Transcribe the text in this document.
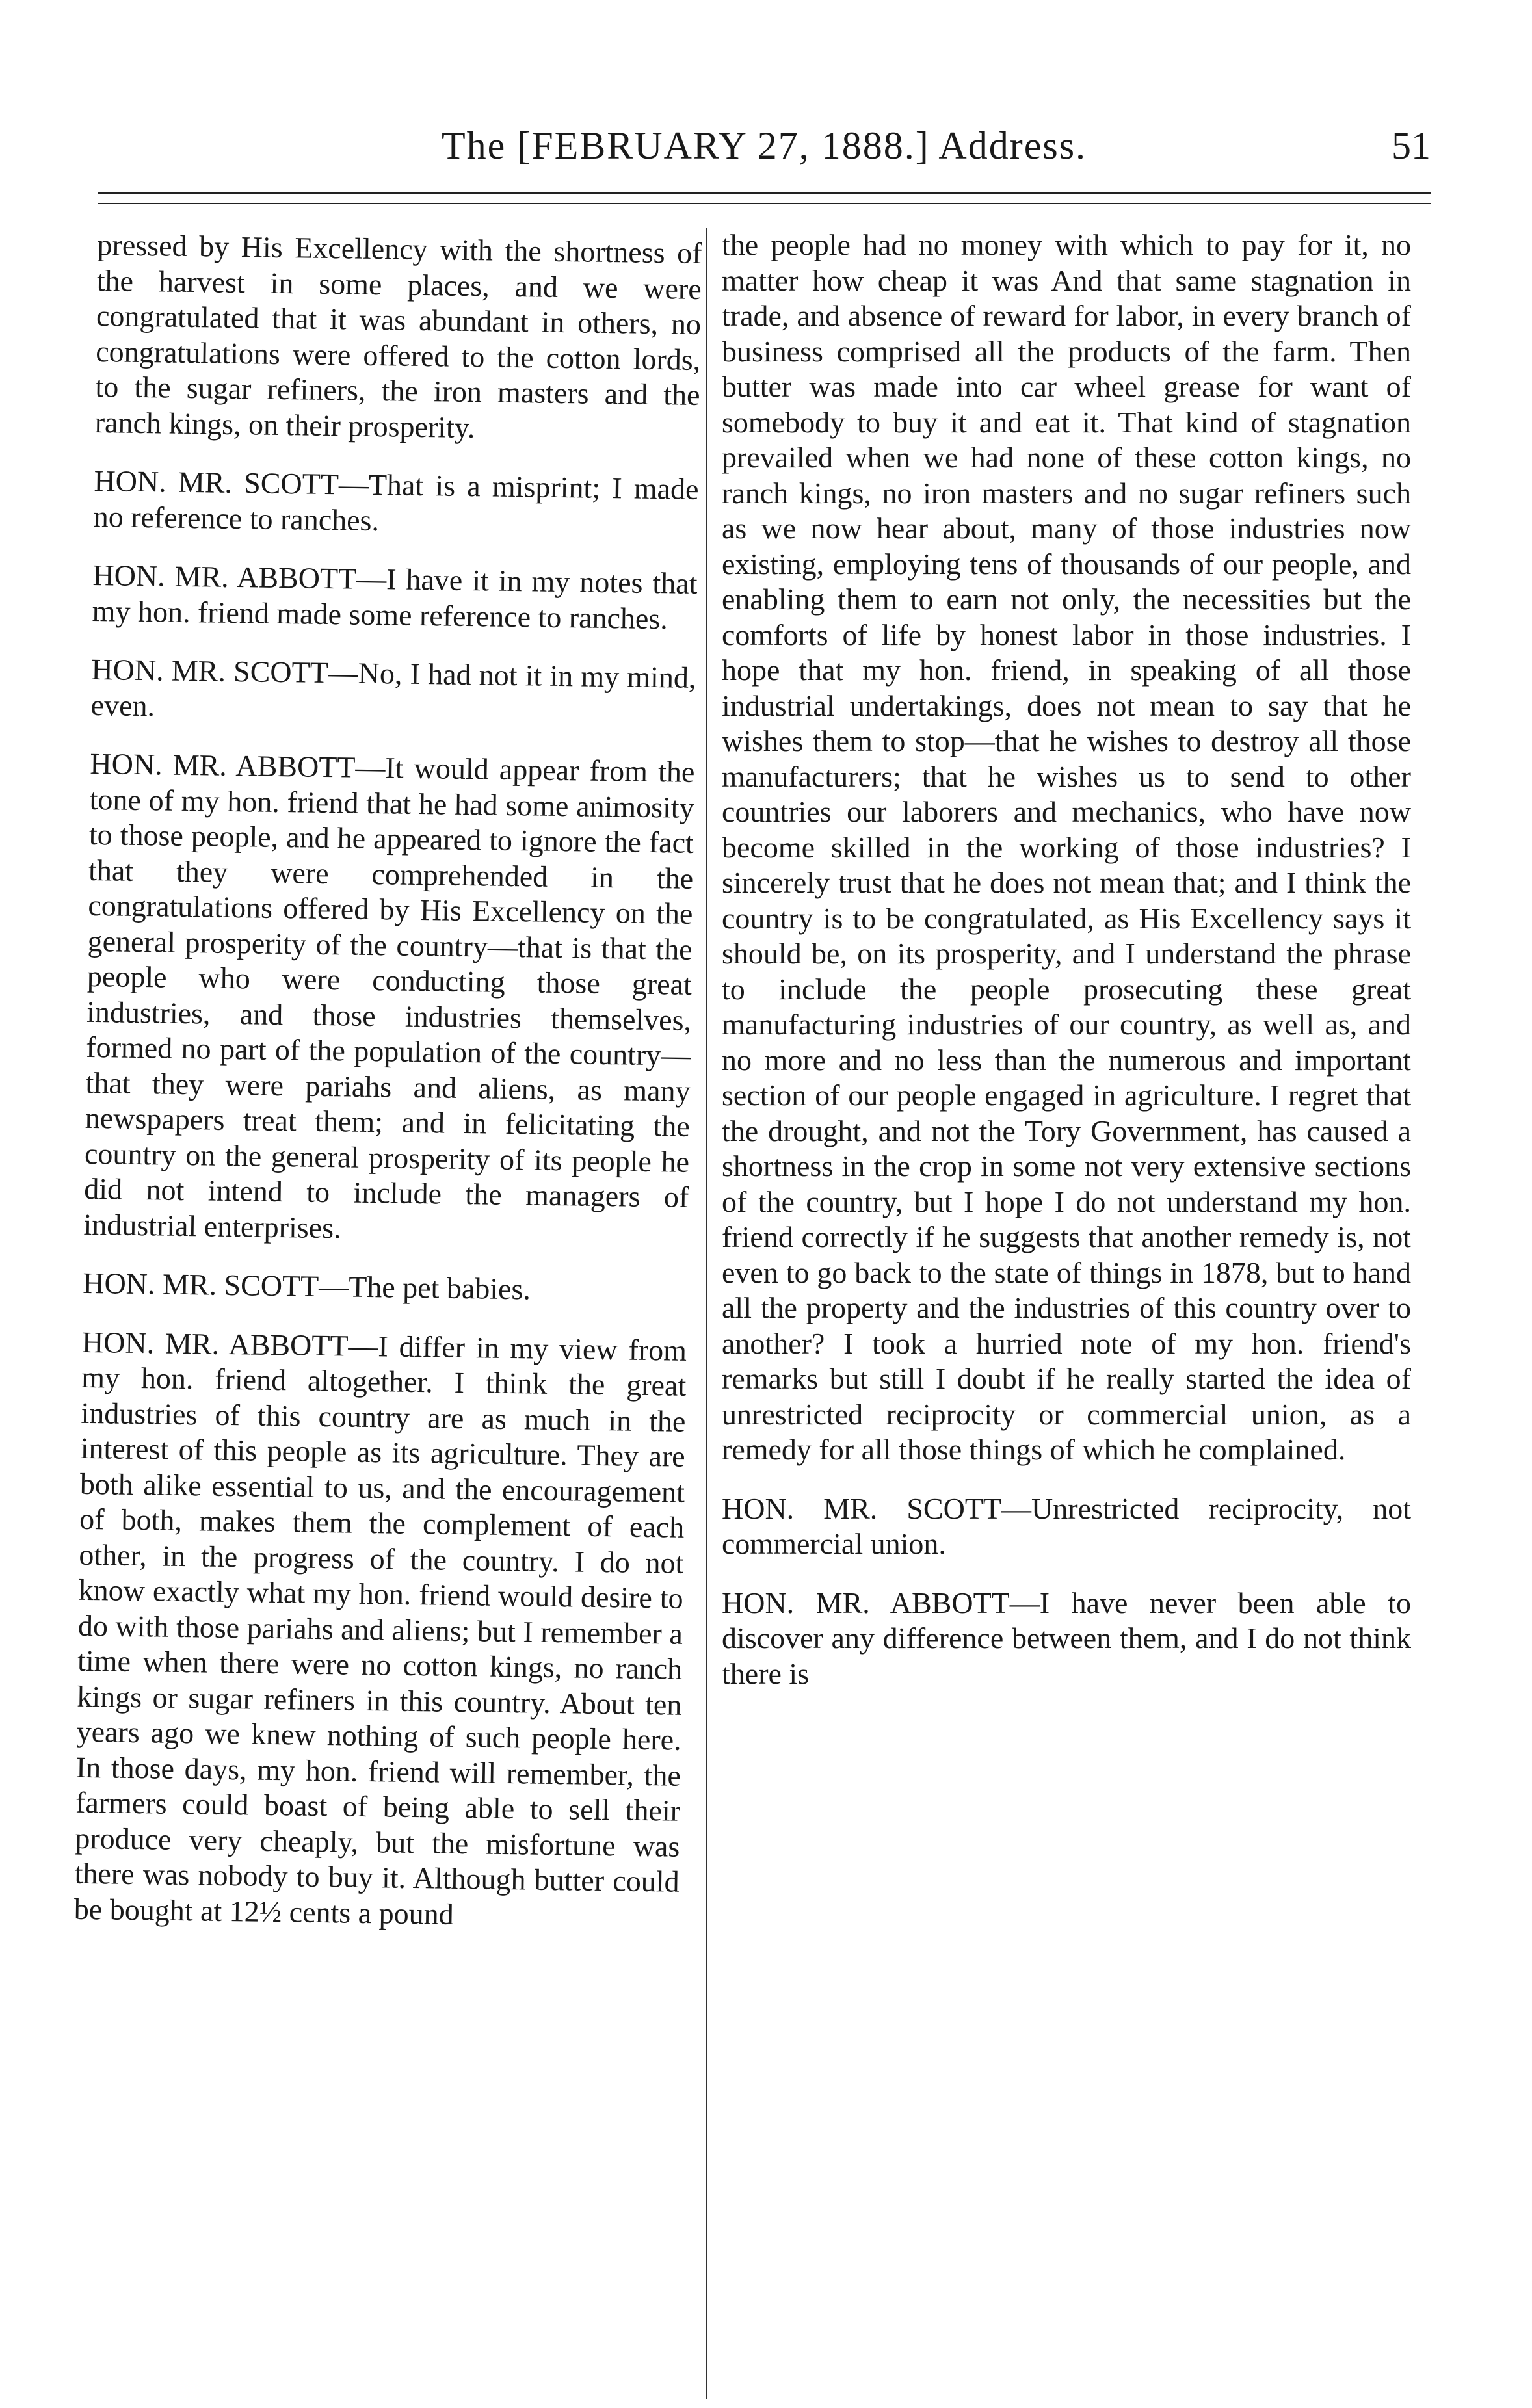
The [FEBRUARY 27, 1888.] Address.	51

pressed by His Excellency with the shortness of the harvest in some places, and we were congratulated that it was abundant in others, no congratulations were offered to the cotton lords, to the sugar refiners, the iron masters and the ranch kings, on their prosperity.

HON. MR. SCOTT—That is a misprint; I made no reference to ranches.

HON. MR. ABBOTT—I have it in my notes that my hon. friend made some reference to ranches.

HON. MR. SCOTT—No, I had not it in my mind, even.

HON. MR. ABBOTT—It would appear from the tone of my hon. friend that he had some animosity to those people, and he appeared to ignore the fact that they were comprehended in the congratulations offered by His Excellency on the general prosperity of the country—that is that the people who were conducting those great industries, and those industries themselves, formed no part of the population of the country—that they were pariahs and aliens, as many newspapers treat them; and in felicitating the country on the general prosperity of its people he did not intend to include the managers of industrial enterprises.

HON. MR. SCOTT—The pet babies.

HON. MR. ABBOTT—I differ in my view from my hon. friend altogether. I think the great industries of this country are as much in the interest of this people as its agriculture. They are both alike essential to us, and the encouragement of both, makes them the complement of each other, in the progress of the country. I do not know exactly what my hon. friend would desire to do with those pariahs and aliens; but I remember a time when there were no cotton kings, no ranch kings or sugar refiners in this country. About ten years ago we knew nothing of such people here. In those days, my hon. friend will remember, the farmers could boast of being able to sell their produce very cheaply, but the misfortune was there was nobody to buy it. Although butter could be bought at 12½ cents a pound

the people had no money with which to pay for it, no matter how cheap it was And that same stagnation in trade, and absence of reward for labor, in every branch of business comprised all the products of the farm. Then butter was made into car wheel grease for want of somebody to buy it and eat it. That kind of stagnation prevailed when we had none of these cotton kings, no ranch kings, no iron masters and no sugar refiners such as we now hear about, many of those industries now existing, employing tens of thousands of our people, and enabling them to earn not only, the necessities but the comforts of life by honest labor in those industries. I hope that my hon. friend, in speaking of all those industrial undertakings, does not mean to say that he wishes them to stop—that he wishes to destroy all those manufacturers; that he wishes us to send to other countries our laborers and mechanics, who have now become skilled in the working of those industries? I sincerely trust that he does not mean that; and I think the country is to be congratulated, as His Excellency says it should be, on its prosperity, and I understand the phrase to include the people prosecuting these great manufacturing industries of our country, as well as, and no more and no less than the numerous and important section of our people engaged in agriculture. I regret that the drought, and not the Tory Government, has caused a shortness in the crop in some not very extensive sections of the country, but I hope I do not understand my hon. friend correctly if he suggests that another remedy is, not even to go back to the state of things in 1878, but to hand all the property and the industries of this country over to another? I took a hurried note of my hon. friend's remarks but still I doubt if he really started the idea of unrestricted reciprocity or commercial union, as a remedy for all those things of which he complained.

HON. MR. SCOTT—Unrestricted reciprocity, not commercial union.

HON. MR. ABBOTT—I have never been able to discover any difference between them, and I do not think there is
